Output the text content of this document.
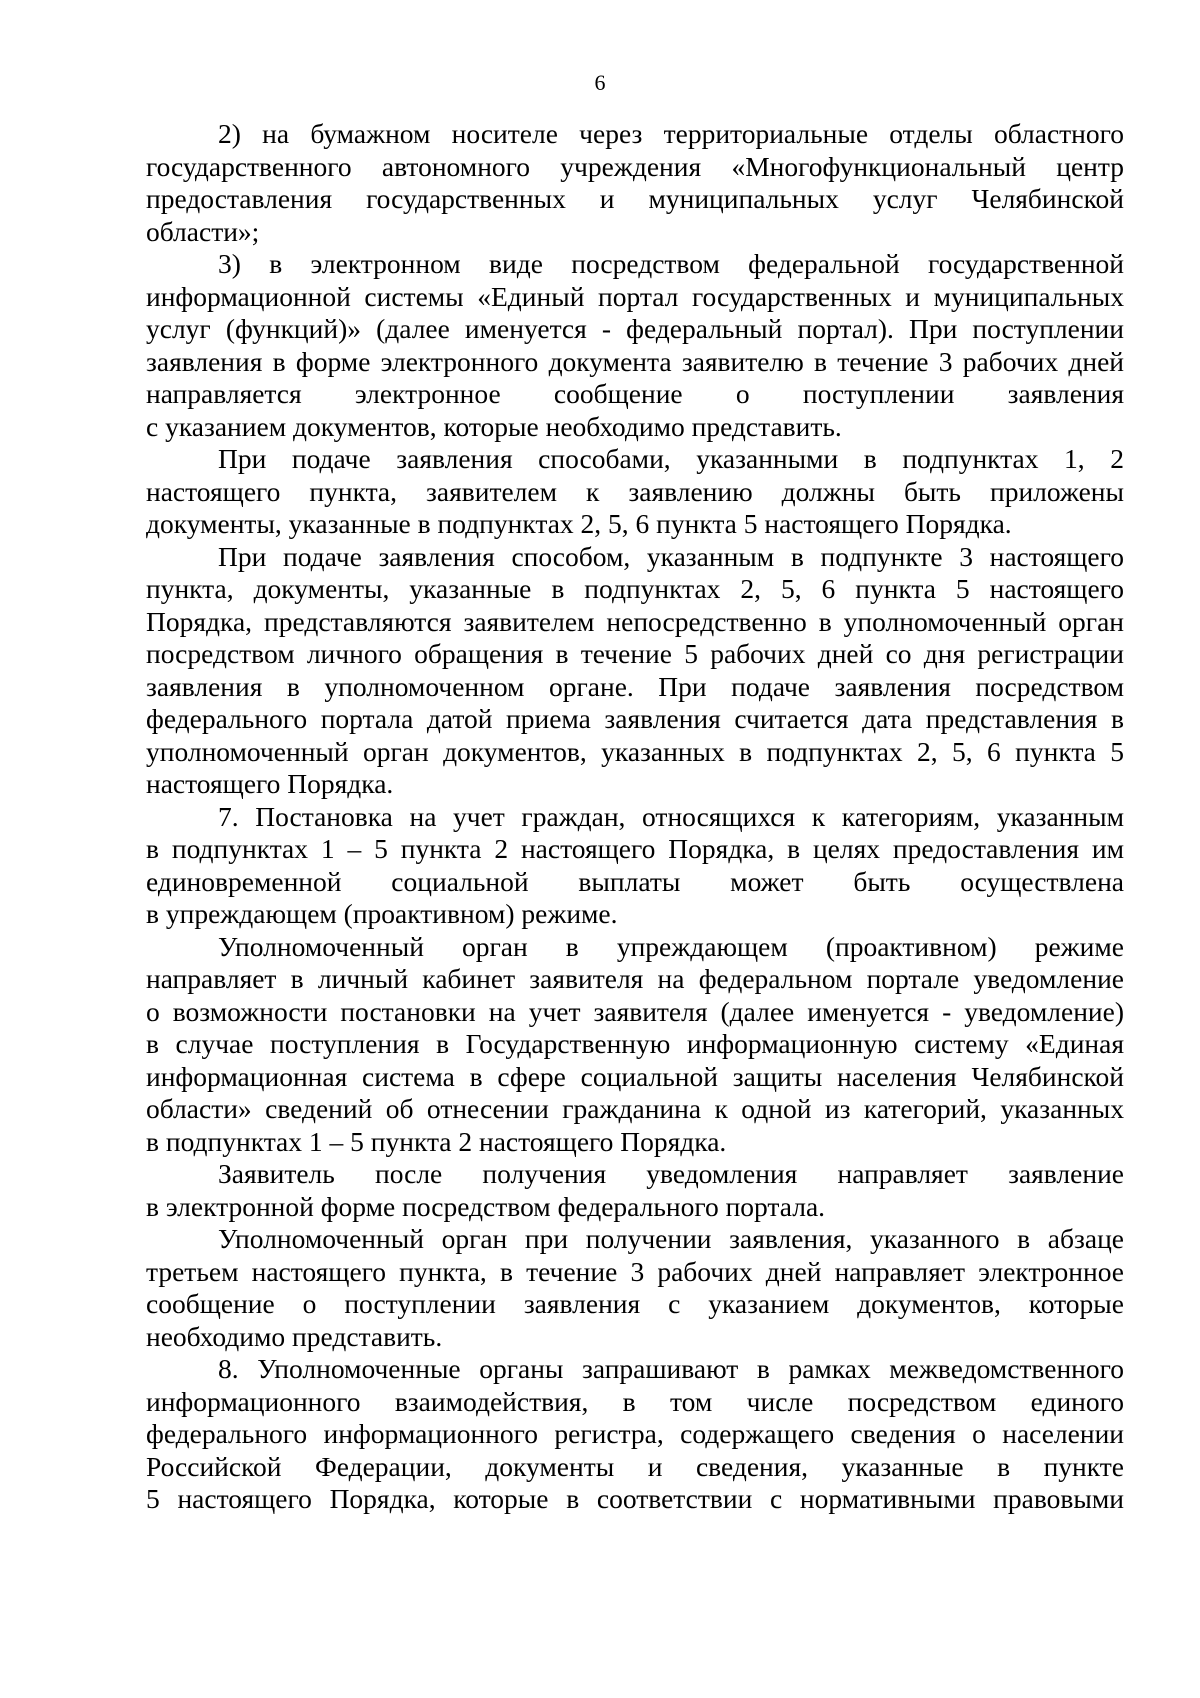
6

2) на бумажном носителе через территориальные отделы областного
государственного автономного учреждения «Многофункциональный центр
предоставления государственных и муниципальных услуг Челябинской
области»;

3) в электронном виде посредством федеральной государственной
информационной системы «Единый портал государственных и муниципальных
услуг (функций)» (далее именуется - федеральный портал). При поступлении
заявления в форме электронного документа заявителю в течение 3 рабочих дней
направляется электронное сообщение о поступлении заявления
с указанием документов, которые необходимо представить.

При подаче заявления способами, указанными в подпунктах 1, 2
настоящего пункта, заявителем к заявлению должны быть приложены
документы, указанные в подпунктах 2, 5, 6 пункта 5 настоящего Порядка.

При подаче заявления способом, указанным в подпункте 3 настоящего
пункта, документы, указанные в подпунктах 2, 5, 6 пункта 5 настоящего
Порядка, представляются заявителем непосредственно в уполномоченный орган
посредством личного обращения в течение 5 рабочих дней со дня регистрации
заявления в уполномоченном органе. При подаче заявления посредством
федерального портала датой приема заявления считается дата представления в
уполномоченный орган документов, указанных в подпунктах 2, 5, 6 пункта 5
настоящего Порядка.

7. Постановка на учет граждан, относящихся к категориям, указанным
в подпунктах 1 – 5 пункта 2 настоящего Порядка, в целях предоставления им
единовременной социальной выплаты может быть осуществлена
в упреждающем (проактивном) режиме.

Уполномоченный орган в упреждающем (проактивном) режиме
направляет в личный кабинет заявителя на федеральном портале уведомление
о возможности постановки на учет заявителя (далее именуется - уведомление)
в случае поступления в Государственную информационную систему «Единая
информационная система в сфере социальной защиты населения Челябинской
области» сведений об отнесении гражданина к одной из категорий, указанных
в подпунктах 1 – 5 пункта 2 настоящего Порядка.

Заявитель после получения уведомления направляет заявление
в электронной форме посредством федерального портала.

Уполномоченный орган при получении заявления, указанного в абзаце
третьем настоящего пункта, в течение 3 рабочих дней направляет электронное
сообщение о поступлении заявления с указанием документов, которые
необходимо представить.

8. Уполномоченные органы запрашивают в рамках межведомственного
информационного взаимодействия, в том числе посредством единого
федерального информационного регистра, содержащего сведения о населении
Российской Федерации, документы и сведения, указанные в пункте
5 настоящего Порядка, которые в соответствии с нормативными правовыми
